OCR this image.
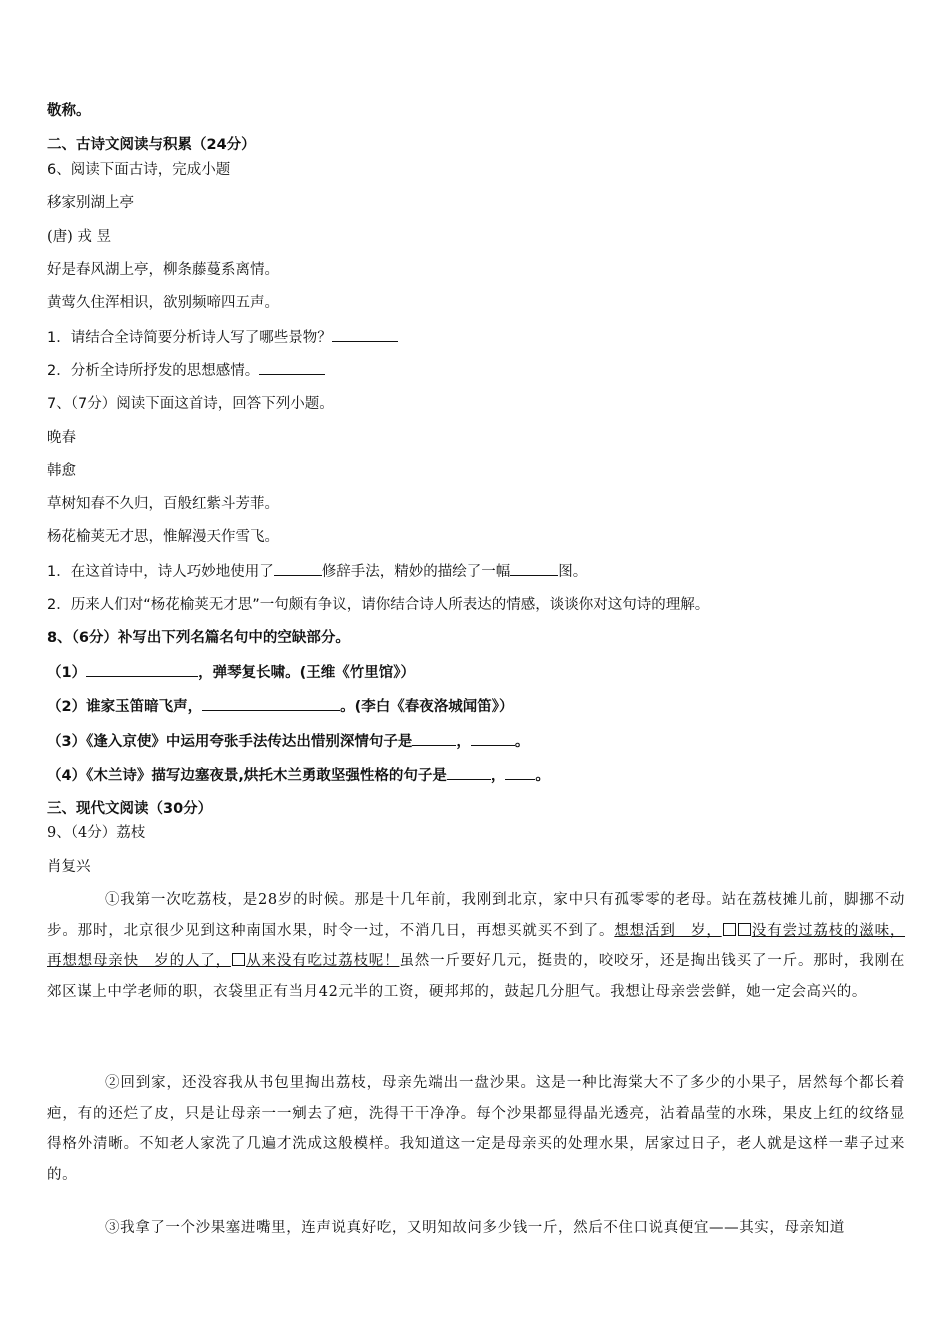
敬称。
二、古诗文阅读与积累（24分）
6、阅读下面古诗，完成小题
移家别湖上亭
(唐) 戎 昱
好是春风湖上亭，柳条藤蔓系离情。
黄莺久住浑相识，欲别频啼四五声。
1．请结合全诗简要分析诗人写了哪些景物？
2．分析全诗所抒发的思想感情。
7、（7分）阅读下面这首诗，回答下列小题。
晚春
韩愈
草树知春不久归，百般红紫斗芳菲。
杨花榆荚无才思，惟解漫天作雪飞。
1．在这首诗中，诗人巧妙地使用了	修辞手法，精妙的描绘了一幅	图。
2．历来人们对“杨花榆荚无才思”一句颇有争议，请你结合诗人所表达的情感，谈谈你对这句诗的理解。
8、（6分）补写出下列名篇名句中的空缺部分。
（1）	，弹琴复长啸。(王维《竹里馆》）
（2）谁家玉笛暗飞声，	。(李白《春夜洛城闻笛》）
（3）《逢入京使》中运用夸张手法传达出惜别深情句子是	，	。
（4）《木兰诗》描写边塞夜景,烘托木兰勇敢坚强性格的句子是	， 。
三、现代文阅读（30分）
9、（4分）荔枝
肖复兴
①我第一次吃荔枝，是28岁的时候。那是十几年前，我刚到北京，家中只有孤零零的老母。站在荔枝摊儿前，脚挪不动步。那时，北京很少见到这种南国水果，时令一过，不消几日，再想买就买不到了。想想活到　岁， 没有尝过荔枝的滋味，再想想母亲快　岁的人了， 从来没有吃过荔枝呢！虽然一斤要好几元，挺贵的，咬咬牙，还是掏出钱买了一斤。那时，我刚在郊区谋上中学老师的职，衣袋里正有当月42元半的工资，硬邦邦的，鼓起几分胆气。我想让母亲尝尝鲜，她一定会高兴的。
②回到家，还没容我从书包里掏出荔枝，母亲先端出一盘沙果。这是一种比海棠大不了多少的小果子，居然每个都长着疤，有的还烂了皮，只是让母亲一一剜去了疤，洗得干干净净。每个沙果都显得晶光透亮，沾着晶莹的水珠，果皮上红的纹络显得格外清晰。不知老人家洗了几遍才洗成这般模样。我知道这一定是母亲买的处理水果，居家过日子，老人就是这样一辈子过来的。
③我拿了一个沙果塞进嘴里，连声说真好吃，又明知故问多少钱一斤，然后不住口说真便宜——其实，母亲知道
